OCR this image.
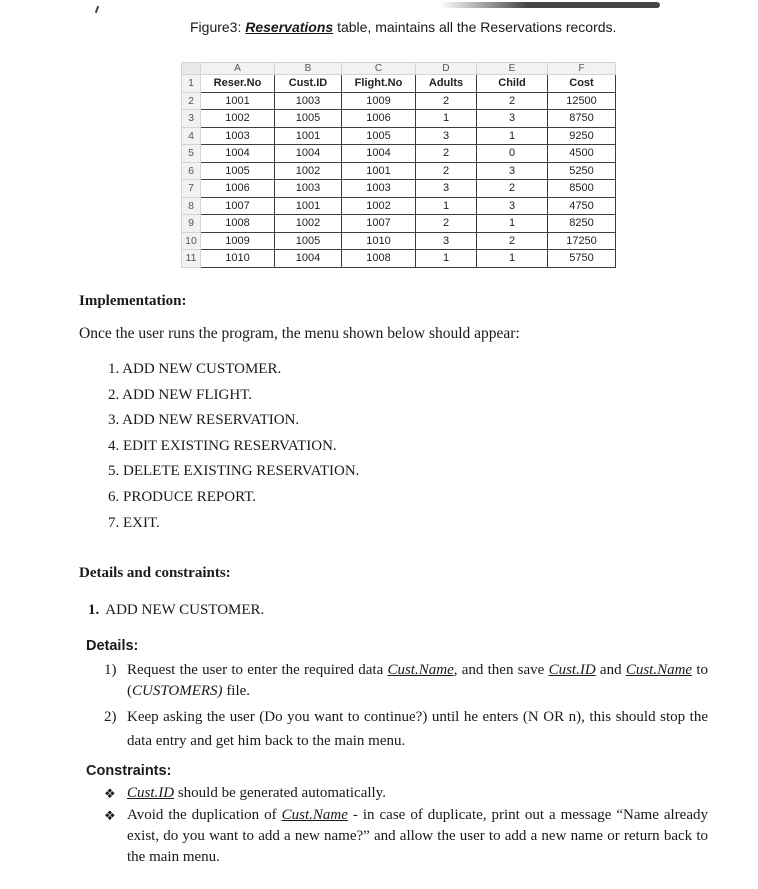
Figure3: Reservations table, maintains all the Reservations records.
	A	B	C	D	E	F
1	Reser.No	Cust.ID	Flight.No	Adults	Child	Cost
2	1001	1003	1009	2	2	12500
3	1002	1005	1006	1	3	8750
4	1003	1001	1005	3	1	9250
5	1004	1004	1004	2	0	4500
6	1005	1002	1001	2	3	5250
7	1006	1003	1003	3	2	8500
8	1007	1001	1002	1	3	4750
9	1008	1002	1007	2	1	8250
10	1009	1005	1010	3	2	17250
11	1010	1004	1008	1	1	5750
Implementation:
Once the user runs the program, the menu shown below should appear:
1. ADD NEW CUSTOMER.
2. ADD NEW FLIGHT.
3. ADD NEW RESERVATION.
4. EDIT EXISTING RESERVATION.
5. DELETE EXISTING RESERVATION.
6. PRODUCE REPORT.
7. EXIT.
Details and constraints:
1. ADD NEW CUSTOMER.
Details:
1) Request the user to enter the required data Cust.Name, and then save Cust.ID and Cust.Name to (CUSTOMERS) file.
2) Keep asking the user (Do you want to continue?) until he enters (N OR n), this should stop the data entry and get him back to the main menu.
Constraints:
❖ Cust.ID should be generated automatically.
❖ Avoid the duplication of Cust.Name - in case of duplicate, print out a message “Name already exist, do you want to add a new name?” and allow the user to add a new name or return back to the main menu.
